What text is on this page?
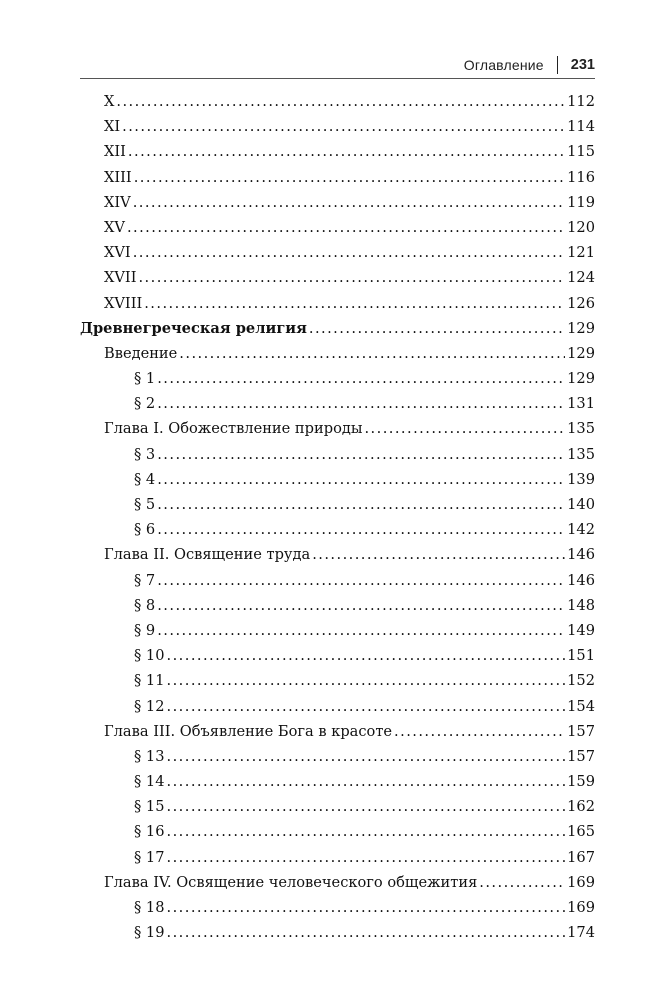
Оглавление 231
X . . .	112
XI . . .	114
XII . . .	115
XIII . . .	116
XIV . . .	119
XV . . .	120
XVI . . .	121
XVII . . .	124
XVIII . . .	126
Древнегреческая религия . . .	129
Введение . . .	129
§ 1 . . .	129
§ 2 . . .	131
Глава I. Обожествление природы . . .	135
§ 3 . . .	135
§ 4 . . .	139
§ 5 . . .	140
§ 6 . . .	142
Глава II. Освящение труда . . .	146
§ 7 . . .	146
§ 8 . . .	148
§ 9 . . .	149
§ 10 . . .	151
§ 11 . . .	152
§ 12 . . .	154
Глава III. Объявление Бога в красоте . . .	157
§ 13 . . .	157
§ 14 . . .	159
§ 15 . . .	162
§ 16 . . .	165
§ 17 . . .	167
Глава IV. Освящение человеческого общежития . . .	169
§ 18 . . .	169
§ 19 . . .	174
